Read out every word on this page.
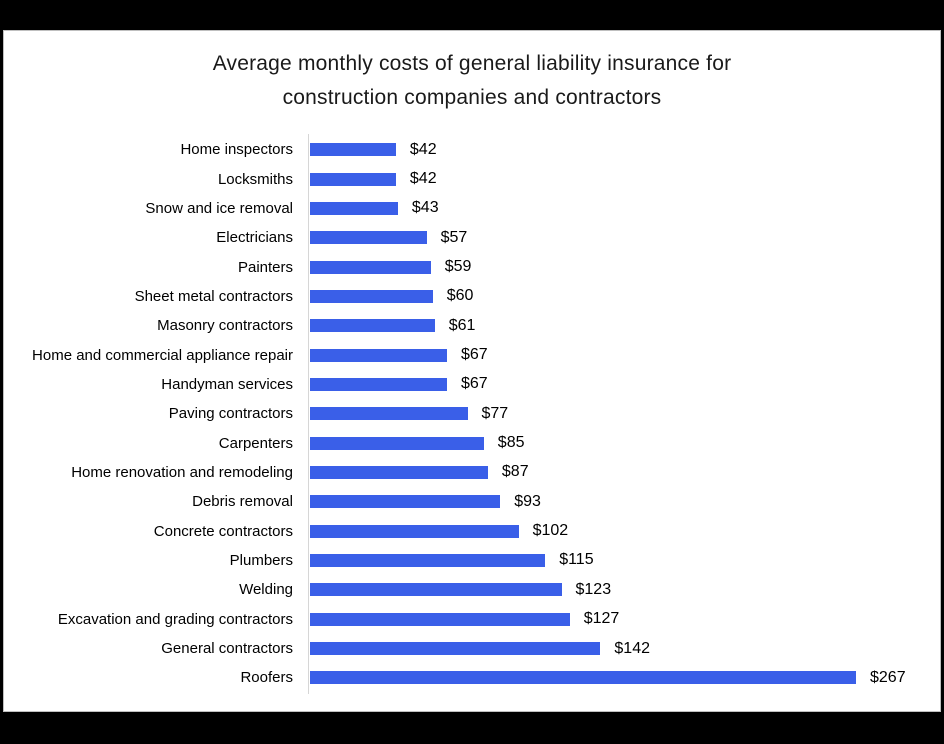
Average monthly costs of general liability insurance for
construction companies and contractors
Home inspectors	$42
Locksmiths	$42
Snow and ice removal	$43
Electricians	$57
Painters	$59
Sheet metal contractors	$60
Masonry contractors	$61
Home and commercial appliance repair	$67
Handyman services	$67
Paving contractors	$77
Carpenters	$85
Home renovation and remodeling	$87
Debris removal	$93
Concrete contractors	$102
Plumbers	$115
Welding	$123
Excavation and grading contractors	$127
General contractors	$142
Roofers	$267
